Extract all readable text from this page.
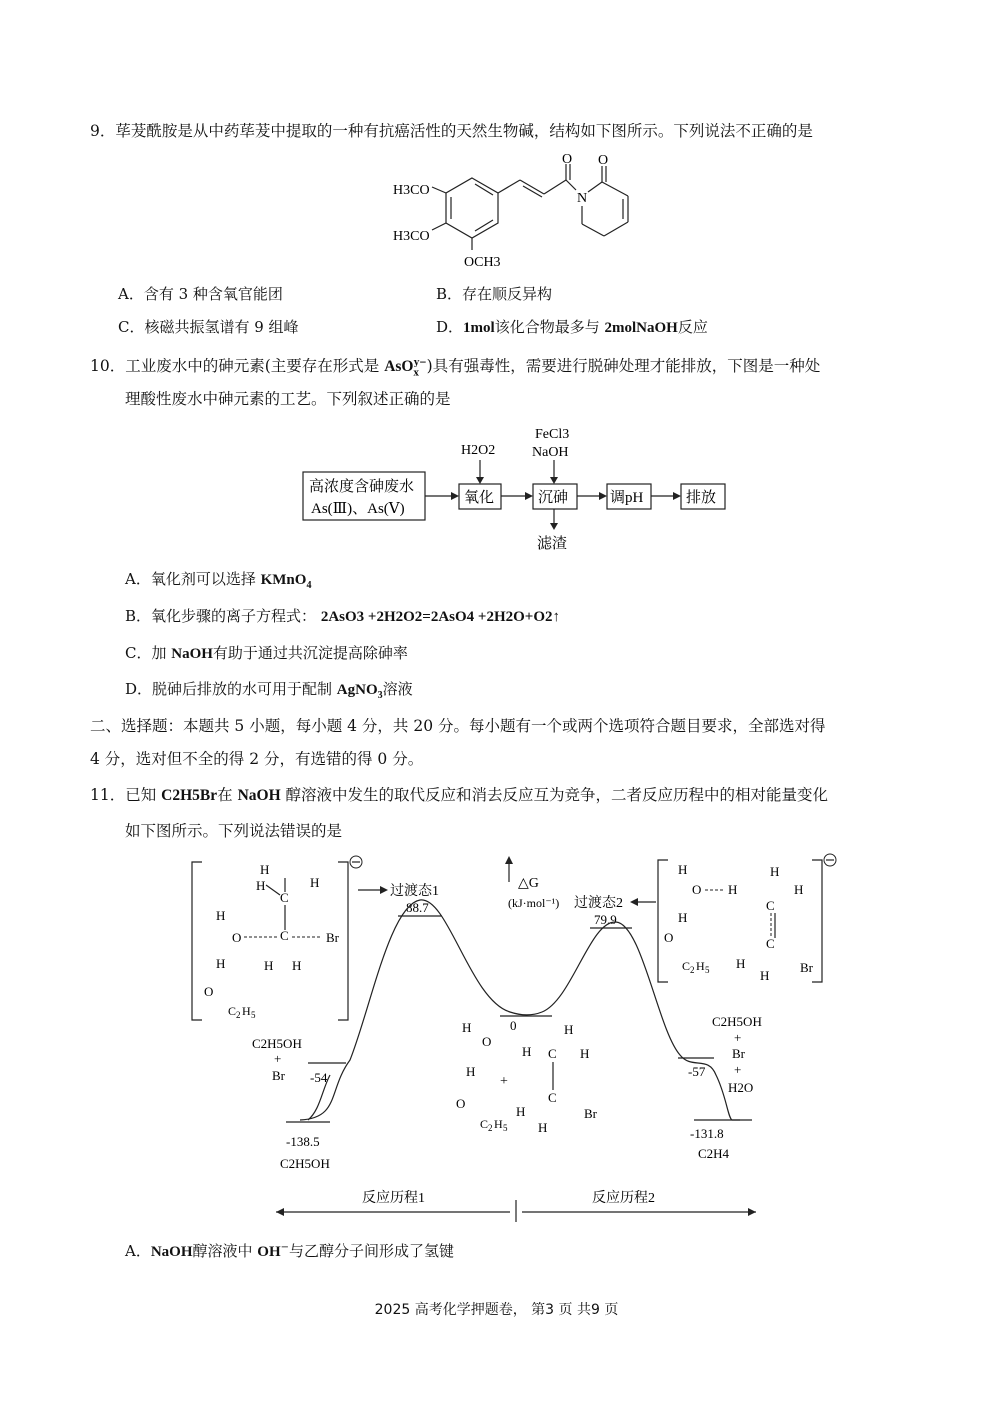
9．荜茇酰胺是从中药荜茇中提取的一种有抗癌活性的天然生物碱，结构如下图所示。下列说法不正确的是
H3CO
H3CO
OCH3
O
N
O
A．含有 3 种含氧官能团	B．存在顺反异构
C．核磁共振氢谱有 9 组峰	D．1mol该化合物最多与 2molNaOH反应
10．工业废水中的砷元素(主要存在形式是 AsO$_x^{y-}$)具有强毒性，需要进行脱砷处理才能排放，下图是一种处
理酸性废水中砷元素的工艺。下列叙述正确的是
高浓度含砷废水
As(Ⅲ)、As(Ⅴ)
氧化	沉砷	调pH	排放
H2O2
FeCl3
NaOH
滤渣
A．氧化剂可以选择 KMnO$_4$
B．氧化步骤的离子方程式： 2AsO3 +2H2O2=2AsO4 +2H2O+O2↑
C．加 NaOH有助于通过共沉淀提高除砷率
D．脱砷后排放的水可用于配制 AgNO$_3$溶液
二、选择题：本题共 5 小题，每小题 4 分，共 20 分。每小题有一个或两个选项符合题目要求，全部选对得
4 分，选对但不全的得 2 分，有选错的得 0 分。
11．已知 C2H5Br在 NaOH 醇溶液中发生的取代反应和消去反应互为竞争，二者反应历程中的相对能量变化
如下图所示。下列说法错误的是
H
H	H
C
C
H
O	Br
H H
H
O
C 2 H 5
过渡态1
88.7
△G
(kJ·mol⁻¹) 过渡态2
79.9
H
O H
H
H
C
C
H
O
H
H
Br
C 2 H 5
0
-54
-138.5
C2H5OH
C2H5OH
+
Br	-57
-131.8
C2H4
C2H5OH
+
Br
+
H2O
H
O
H
O
C 2 H 5
+
H
H	H
C
C
H
H
Br
反应历程1	反应历程2
A．NaOH醇溶液中 OH−与乙醇分子间形成了氢键
2025 高考化学押题卷， 第3 页 共9 页
